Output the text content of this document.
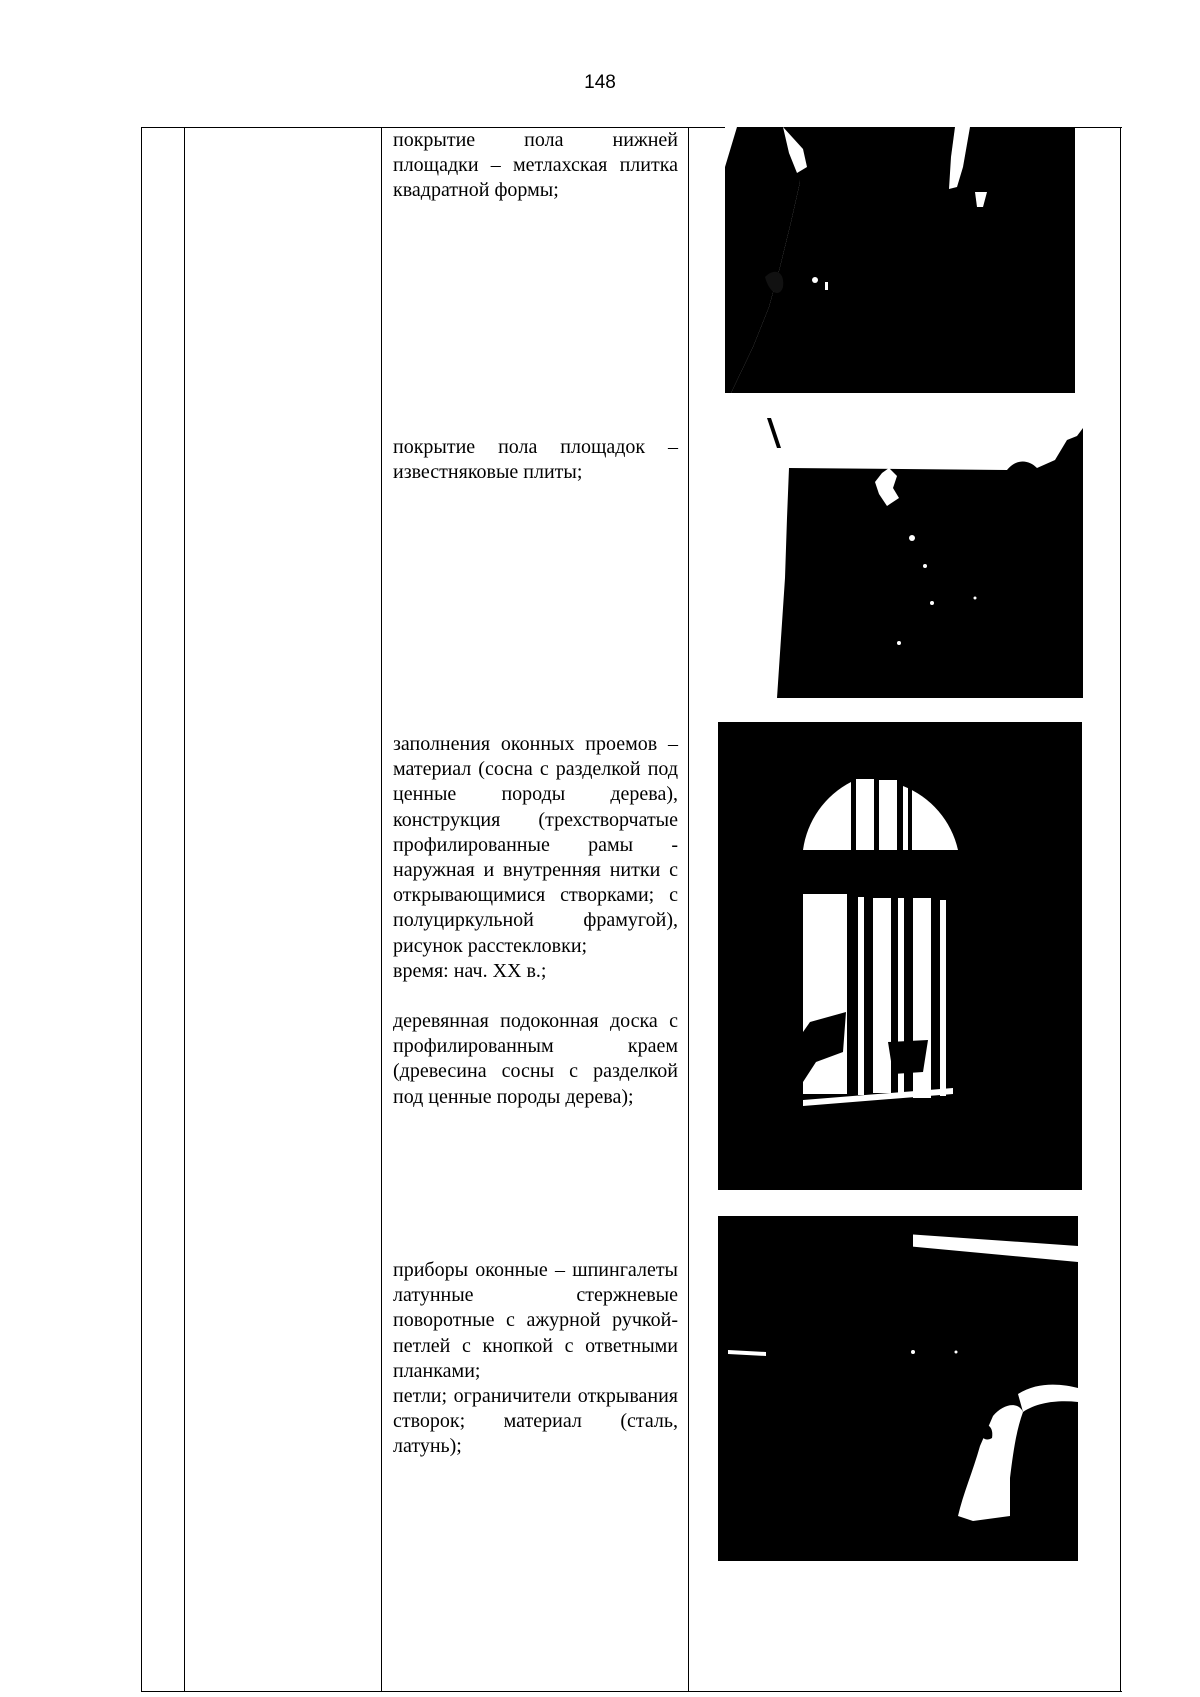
148

покрытие пола нижней площадки – метлахская плитка квадратной формы;

покрытие пола площадок – известняковые плиты;

заполнения оконных проемов – материал (сосна с разделкой под ценные породы дерева), конструкция (трехстворчатые профилированные рамы - наружная и внутренняя нитки с открывающимися створками; с полуциркульной фрамугой), рисунок расстекловки;

время: нач. XX в.;

деревянная подоконная доска с профилированным краем (древесина сосны с разделкой под ценные породы дерева);

приборы оконные – шпингалеты латунные стержневые поворотные с ажурной ручкой-петлей с кнопкой с ответными планками;

петли; ограничители открывания створок; материал (сталь, латунь);
